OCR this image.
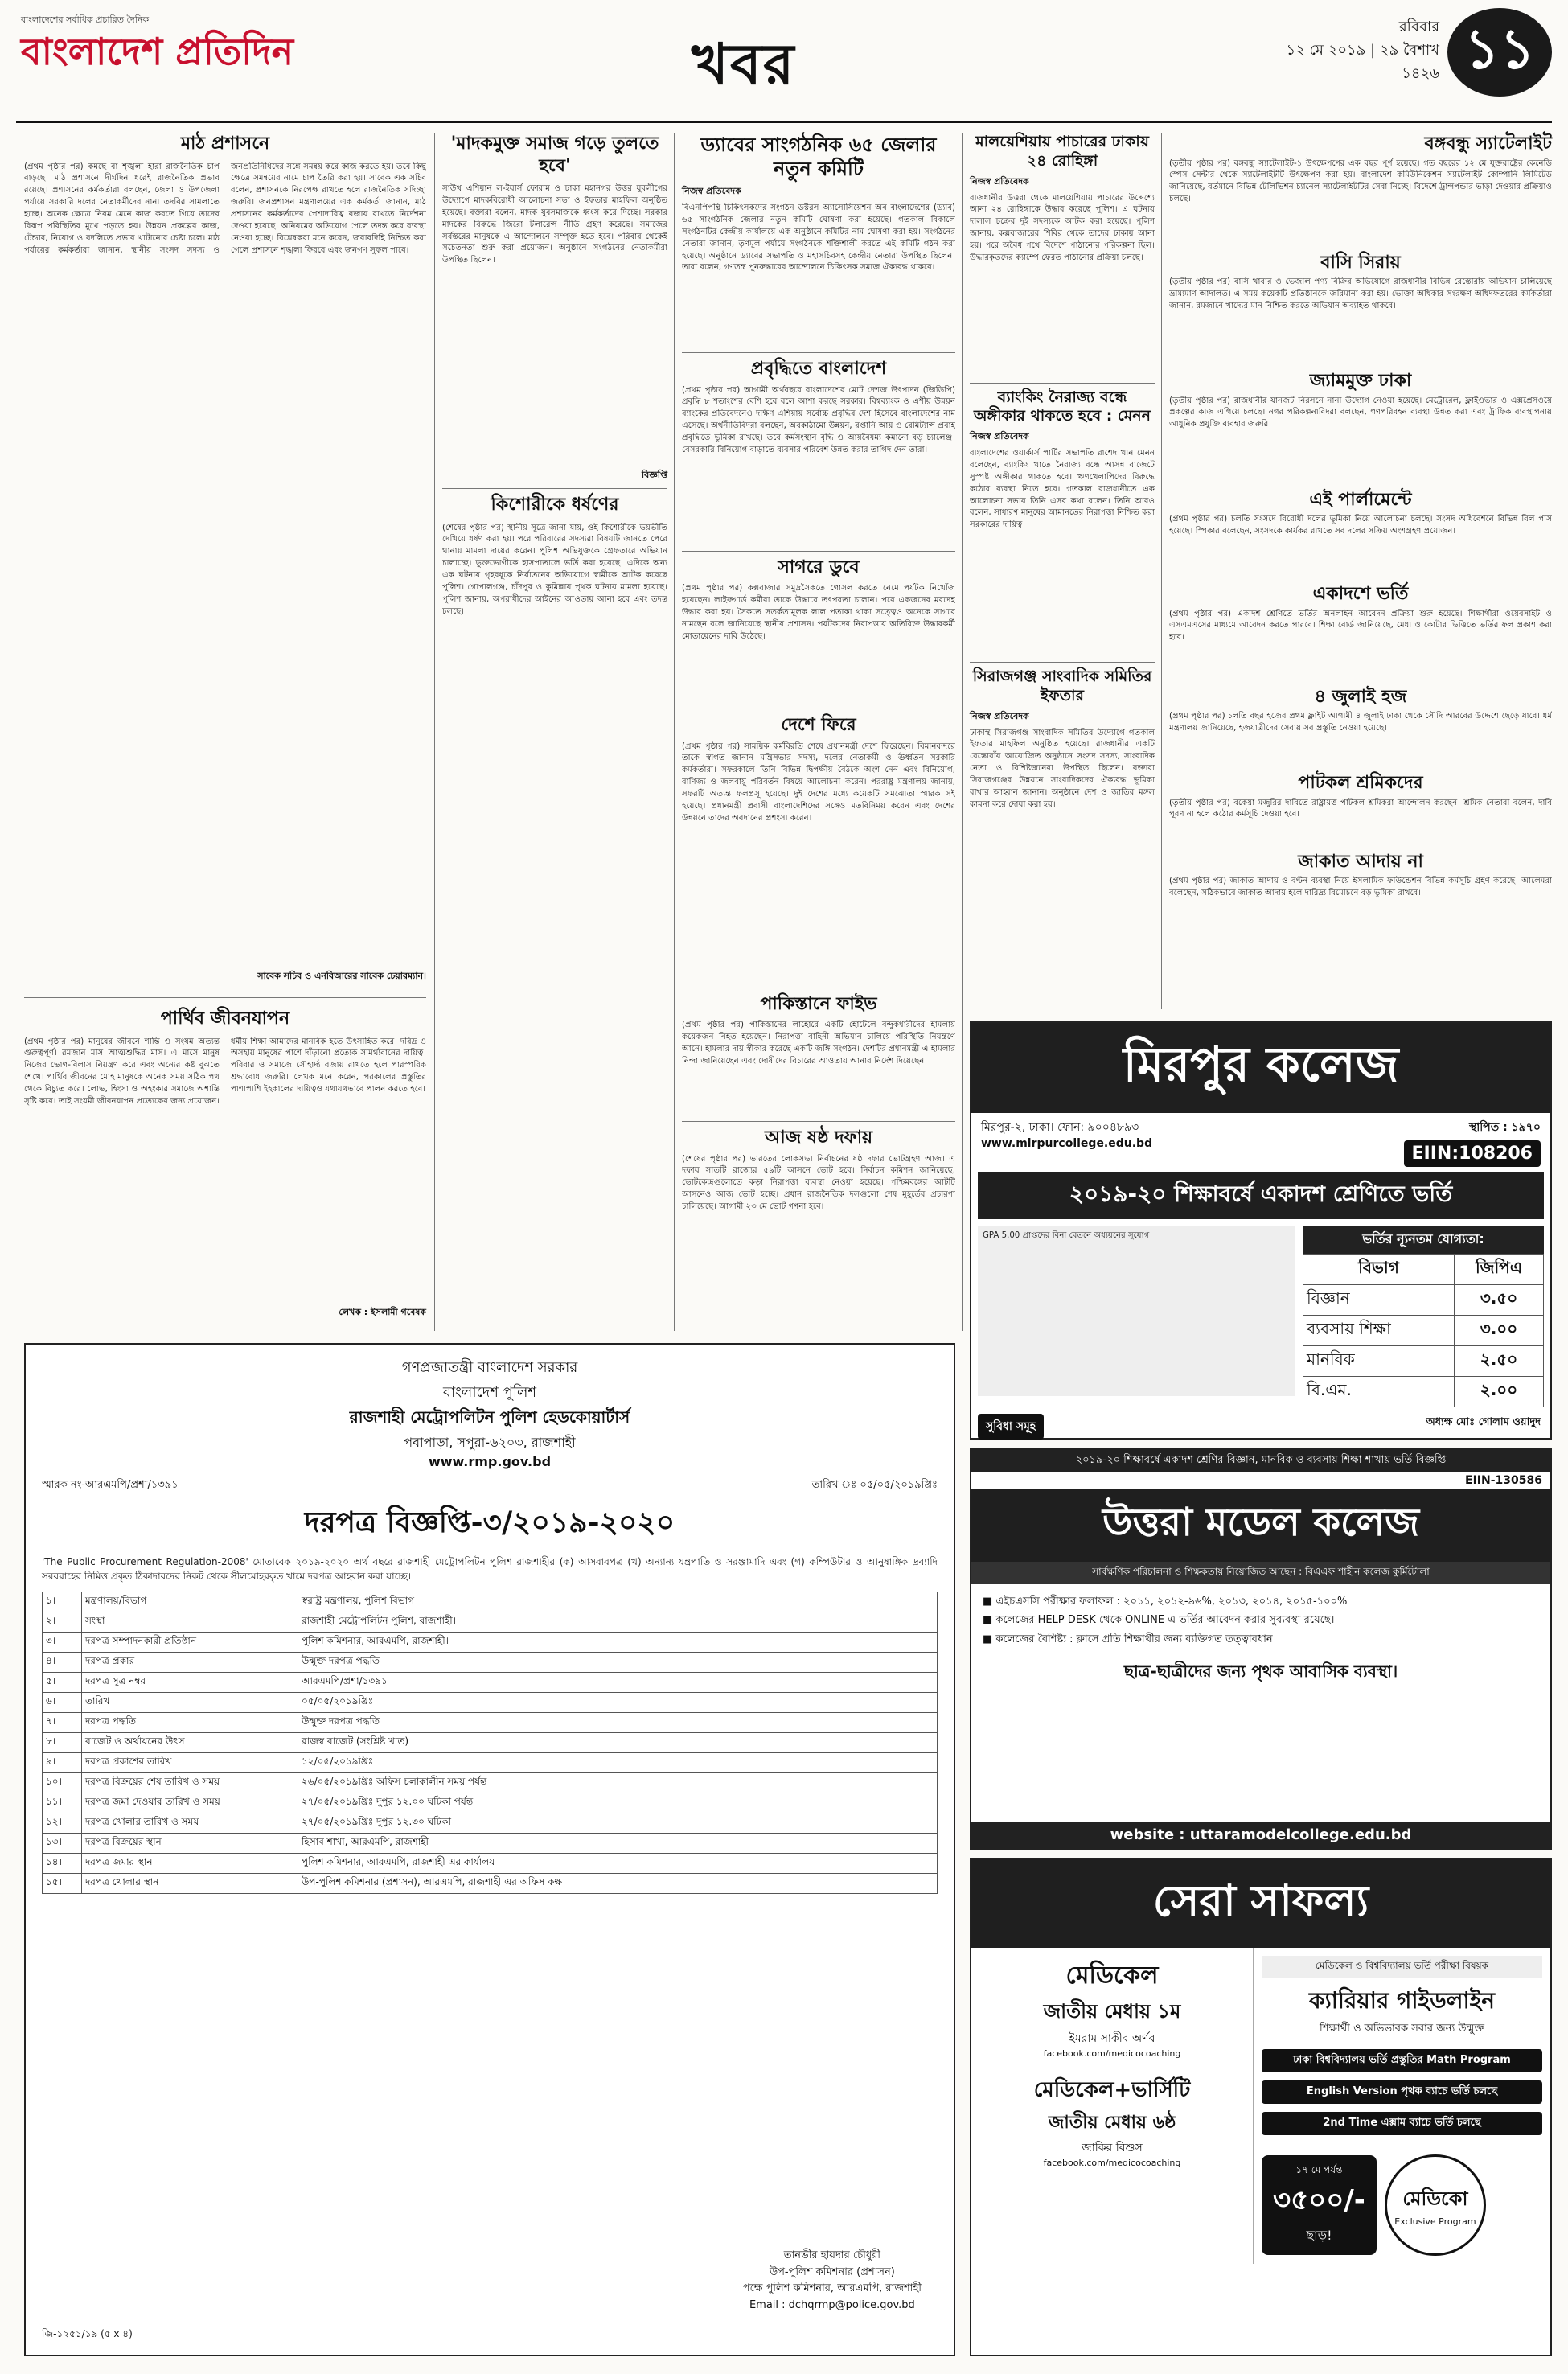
বাংলাদেশের সর্বাধিক প্রচারিত দৈনিক
বাংলাদেশ প্রতিদিন	খবর
রবিবার
১২ মে ২০১৯ | ২৯ বৈশাখ ১৪২৬ ১১
মাঠ প্রশাসনে
(প্রথম পৃষ্ঠার পর) কমছে বা শৃঙ্খলা হারা রাজনৈতিক চাপ বাড়ছে। মাঠ প্রশাসনে দীর্ঘদিন ধরেই রাজনৈতিক প্রভাব রয়েছে। প্রশাসনের কর্মকর্তারা বলছেন, জেলা ও উপজেলা পর্যায়ে সরকারি দলের নেতাকর্মীদের নানা তদবির সামলাতে হচ্ছে। অনেক ক্ষেত্রে নিয়ম মেনে কাজ করতে গিয়ে তাদের বিরূপ পরিস্থিতির মুখে পড়তে হয়। উন্নয়ন প্রকল্পের কাজ, টেন্ডার, নিয়োগ ও বদলিতে প্রভাব খাটানোর চেষ্টা চলে। মাঠ পর্যায়ের কর্মকর্তারা জানান, স্থানীয় সংসদ সদস্য ও জনপ্রতিনিধিদের সঙ্গে সমন্বয় করে কাজ করতে হয়। তবে কিছু ক্ষেত্রে সমন্বয়ের নামে চাপ তৈরি করা হয়। সাবেক এক সচিব বলেন, প্রশাসনকে নিরপেক্ষ রাখতে হলে রাজনৈতিক সদিচ্ছা জরুরি। জনপ্রশাসন মন্ত্রণালয়ের এক কর্মকর্তা জানান, মাঠ প্রশাসনের কর্মকর্তাদের পেশাদারিত্ব বজায় রাখতে নির্দেশনা দেওয়া হয়েছে। অনিয়মের অভিযোগ পেলে তদন্ত করে ব্যবস্থা নেওয়া হচ্ছে। বিশ্লেষকরা মনে করেন, জবাবদিহি নিশ্চিত করা গেলে প্রশাসনে শৃঙ্খলা ফিরবে এবং জনগণ সুফল পাবে।
সাবেক সচিব ও এনবিআরের সাবেক চেয়ারম্যান।
পার্থিব জীবনযাপন
(প্রথম পৃষ্ঠার পর) মানুষের জীবনে শান্তি ও সংযম অত্যন্ত গুরুত্বপূর্ণ। রমজান মাস আত্মশুদ্ধির মাস। এ মাসে মানুষ নিজের ভোগ-বিলাস নিয়ন্ত্রণ করে এবং অন্যের কষ্ট বুঝতে শেখে। পার্থিব জীবনের মোহ মানুষকে অনেক সময় সঠিক পথ থেকে বিচ্যুত করে। লোভ, হিংসা ও অহংকার সমাজে অশান্তি সৃষ্টি করে। তাই সংযমী জীবনযাপন প্রত্যেকের জন্য প্রয়োজন। ধর্মীয় শিক্ষা আমাদের মানবিক হতে উৎসাহিত করে। দরিদ্র ও অসহায় মানুষের পাশে দাঁড়ানো প্রত্যেক সামর্থ্যবানের দায়িত্ব। পরিবার ও সমাজে সৌহার্দ্য বজায় রাখতে হলে পারস্পরিক শ্রদ্ধাবোধ জরুরি। লেখক মনে করেন, পরকালের প্রস্তুতির পাশাপাশি ইহকালের দায়িত্বও যথাযথভাবে পালন করতে হবে।
লেখক : ইসলামী গবেষক
'মাদকমুক্ত সমাজ গড়ে তুলতে হবে'
সাউথ এশিয়ান ল-ইয়ার্স ফোরাম ও ঢাকা মহানগর উত্তর যুবলীগের উদ্যোগে মাদকবিরোধী আলোচনা সভা ও ইফতার মাহফিল অনুষ্ঠিত হয়েছে। বক্তারা বলেন, মাদক যুবসমাজকে ধ্বংস করে দিচ্ছে। সরকার মাদকের বিরুদ্ধে জিরো টলারেন্স নীতি গ্রহণ করেছে। সমাজের সর্বস্তরের মানুষকে এ আন্দোলনে সম্পৃক্ত হতে হবে। পরিবার থেকেই সচেতনতা শুরু করা প্রয়োজন। অনুষ্ঠানে সংগঠনের নেতাকর্মীরা উপস্থিত ছিলেন।
বিজ্ঞপ্তি
কিশোরীকে ধর্ষণের
(শেষের পৃষ্ঠার পর) স্থানীয় সূত্রে জানা যায়, ওই কিশোরীকে ভয়ভীতি দেখিয়ে ধর্ষণ করা হয়। পরে পরিবারের সদস্যরা বিষয়টি জানতে পেরে থানায় মামলা দায়ের করেন। পুলিশ অভিযুক্তকে গ্রেফতারে অভিযান চালাচ্ছে। ভুক্তভোগীকে হাসপাতালে ভর্তি করা হয়েছে। এদিকে অন্য এক ঘটনায় গৃহবধূকে নির্যাতনের অভিযোগে স্বামীকে আটক করেছে পুলিশ। গোপালগঞ্জ, চাঁদপুর ও কুমিল্লায় পৃথক ঘটনায় মামলা হয়েছে। পুলিশ জানায়, অপরাধীদের আইনের আওতায় আনা হবে এবং তদন্ত চলছে।
ড্যাবের সাংগঠনিক ৬৫ জেলার নতুন কমিটি
নিজস্ব প্রতিবেদক
বিএনপিপন্থি চিকিৎসকদের সংগঠন ডক্টরস অ্যাসোসিয়েশন অব বাংলাদেশের (ড্যাব) ৬৫ সাংগঠনিক জেলার নতুন কমিটি ঘোষণা করা হয়েছে। গতকাল বিকালে সংগঠনটির কেন্দ্রীয় কার্যালয়ে এক অনুষ্ঠানে কমিটির নাম ঘোষণা করা হয়। সংগঠনের নেতারা জানান, তৃণমূল পর্যায়ে সংগঠনকে শক্তিশালী করতে এই কমিটি গঠন করা হয়েছে। অনুষ্ঠানে ড্যাবের সভাপতি ও মহাসচিবসহ কেন্দ্রীয় নেতারা উপস্থিত ছিলেন। তারা বলেন, গণতন্ত্র পুনরুদ্ধারের আন্দোলনে চিকিৎসক সমাজ ঐক্যবদ্ধ থাকবে।
প্রবৃদ্ধিতে বাংলাদেশ
(প্রথম পৃষ্ঠার পর) আগামী অর্থবছরে বাংলাদেশের মোট দেশজ উৎপাদন (জিডিপি) প্রবৃদ্ধি ৮ শতাংশের বেশি হবে বলে আশা করছে সরকার। বিশ্বব্যাংক ও এশীয় উন্নয়ন ব্যাংকের প্রতিবেদনেও দক্ষিণ এশিয়ায় সর্বোচ্চ প্রবৃদ্ধির দেশ হিসেবে বাংলাদেশের নাম এসেছে। অর্থনীতিবিদরা বলছেন, অবকাঠামো উন্নয়ন, রপ্তানি আয় ও রেমিট্যান্স প্রবাহ প্রবৃদ্ধিতে ভূমিকা রাখছে। তবে কর্মসংস্থান বৃদ্ধি ও আয়বৈষম্য কমানো বড় চ্যালেঞ্জ। বেসরকারি বিনিয়োগ বাড়াতে ব্যবসার পরিবেশ উন্নত করার তাগিদ দেন তারা।
সাগরে ডুবে
(প্রথম পৃষ্ঠার পর) কক্সবাজার সমুদ্রসৈকতে গোসল করতে নেমে পর্যটক নিখোঁজ হয়েছেন। লাইফগার্ড কর্মীরা তাকে উদ্ধারে তৎপরতা চালান। পরে একজনের মরদেহ উদ্ধার করা হয়। সৈকতে সতর্কতামূলক লাল পতাকা থাকা সত্ত্বেও অনেকে সাগরে নামছেন বলে জানিয়েছে স্থানীয় প্রশাসন। পর্যটকদের নিরাপত্তায় অতিরিক্ত উদ্ধারকর্মী মোতায়েনের দাবি উঠেছে।
দেশে ফিরে
(প্রথম পৃষ্ঠার পর) সাময়িক কর্মবিরতি শেষে প্রধানমন্ত্রী দেশে ফিরেছেন। বিমানবন্দরে তাকে স্বাগত জানান মন্ত্রিসভার সদস্য, দলের নেতাকর্মী ও ঊর্ধ্বতন সরকারি কর্মকর্তারা। সফরকালে তিনি বিভিন্ন দ্বিপক্ষীয় বৈঠকে অংশ নেন এবং বিনিয়োগ, বাণিজ্য ও জলবায়ু পরিবর্তন বিষয়ে আলোচনা করেন। পররাষ্ট্র মন্ত্রণালয় জানায়, সফরটি অত্যন্ত ফলপ্রসূ হয়েছে। দুই দেশের মধ্যে কয়েকটি সমঝোতা স্মারক সই হয়েছে। প্রধানমন্ত্রী প্রবাসী বাংলাদেশিদের সঙ্গেও মতবিনিময় করেন এবং দেশের উন্নয়নে তাদের অবদানের প্রশংসা করেন।
পাকিস্তানে ফাইভ
(প্রথম পৃষ্ঠার পর) পাকিস্তানের লাহোরে একটি হোটেলে বন্দুকধারীদের হামলায় কয়েকজন নিহত হয়েছেন। নিরাপত্তা বাহিনী অভিযান চালিয়ে পরিস্থিতি নিয়ন্ত্রণে আনে। হামলার দায় স্বীকার করেছে একটি জঙ্গি সংগঠন। দেশটির প্রধানমন্ত্রী এ হামলার নিন্দা জানিয়েছেন এবং দোষীদের বিচারের আওতায় আনার নির্দেশ দিয়েছেন।
আজ ষষ্ঠ দফায়
(শেষের পৃষ্ঠার পর) ভারতের লোকসভা নির্বাচনের ষষ্ঠ দফার ভোটগ্রহণ আজ। এ দফায় সাতটি রাজ্যের ৫৯টি আসনে ভোট হবে। নির্বাচন কমিশন জানিয়েছে, ভোটকেন্দ্রগুলোতে কড়া নিরাপত্তা ব্যবস্থা নেওয়া হয়েছে। পশ্চিমবঙ্গের আটটি আসনেও আজ ভোট হচ্ছে। প্রধান রাজনৈতিক দলগুলো শেষ মুহূর্তের প্রচারণা চালিয়েছে। আগামী ২৩ মে ভোট গণনা হবে।
মালয়েশিয়ায় পাচারের ঢাকায় ২৪ রোহিঙ্গা
নিজস্ব প্রতিবেদক
রাজধানীর উত্তরা থেকে মালয়েশিয়ায় পাচারের উদ্দেশ্যে আনা ২৪ রোহিঙ্গাকে উদ্ধার করেছে পুলিশ। এ ঘটনায় দালাল চক্রের দুই সদস্যকে আটক করা হয়েছে। পুলিশ জানায়, কক্সবাজারের শিবির থেকে তাদের ঢাকায় আনা হয়। পরে অবৈধ পথে বিদেশে পাঠানোর পরিকল্পনা ছিল। উদ্ধারকৃতদের ক্যাম্পে ফেরত পাঠানোর প্রক্রিয়া চলছে।
ব্যাংকিং নৈরাজ্য বন্ধে অঙ্গীকার থাকতে হবে : মেনন
নিজস্ব প্রতিবেদক
বাংলাদেশের ওয়ার্কার্স পার্টির সভাপতি রাশেদ খান মেনন বলেছেন, ব্যাংকিং খাতে নৈরাজ্য বন্ধে আসন্ন বাজেটে সুস্পষ্ট অঙ্গীকার থাকতে হবে। ঋণখেলাপিদের বিরুদ্ধে কঠোর ব্যবস্থা নিতে হবে। গতকাল রাজধানীতে এক আলোচনা সভায় তিনি এসব কথা বলেন। তিনি আরও বলেন, সাধারণ মানুষের আমানতের নিরাপত্তা নিশ্চিত করা সরকারের দায়িত্ব।
সিরাজগঞ্জ সাংবাদিক সমিতির ইফতার
নিজস্ব প্রতিবেদক
ঢাকাস্থ সিরাজগঞ্জ সাংবাদিক সমিতির উদ্যোগে গতকাল ইফতার মাহফিল অনুষ্ঠিত হয়েছে। রাজধানীর একটি রেস্তোরাঁয় আয়োজিত অনুষ্ঠানে সংসদ সদস্য, সাংবাদিক নেতা ও বিশিষ্টজনেরা উপস্থিত ছিলেন। বক্তারা সিরাজগঞ্জের উন্নয়নে সাংবাদিকদের ঐক্যবদ্ধ ভূমিকা রাখার আহ্বান জানান। অনুষ্ঠানে দেশ ও জাতির মঙ্গল কামনা করে দোয়া করা হয়।
বঙ্গবন্ধু স্যাটেলাইট
(তৃতীয় পৃষ্ঠার পর) বঙ্গবন্ধু স্যাটেলাইট-১ উৎক্ষেপণের এক বছর পূর্ণ হয়েছে। গত বছরের ১২ মে যুক্তরাষ্ট্রের কেনেডি স্পেস সেন্টার থেকে স্যাটেলাইটটি উৎক্ষেপণ করা হয়। বাংলাদেশ কমিউনিকেশন স্যাটেলাইট কোম্পানি লিমিটেড জানিয়েছে, বর্তমানে বিভিন্ন টেলিভিশন চ্যানেল স্যাটেলাইটটির সেবা নিচ্ছে। বিদেশে ট্রান্সপন্ডার ভাড়া দেওয়ার প্রক্রিয়াও চলছে।
বাসি সিরায়
(তৃতীয় পৃষ্ঠার পর) বাসি খাবার ও ভেজাল পণ্য বিক্রির অভিযোগে রাজধানীর বিভিন্ন রেস্তোরাঁয় অভিযান চালিয়েছে ভ্রাম্যমাণ আদালত। এ সময় কয়েকটি প্রতিষ্ঠানকে জরিমানা করা হয়। ভোক্তা অধিকার সংরক্ষণ অধিদফতরের কর্মকর্তারা জানান, রমজানে খাদ্যের মান নিশ্চিত করতে অভিযান অব্যাহত থাকবে।
জ্যামমুক্ত ঢাকা
(তৃতীয় পৃষ্ঠার পর) রাজধানীর যানজট নিরসনে নানা উদ্যোগ নেওয়া হয়েছে। মেট্রোরেল, ফ্লাইওভার ও এক্সপ্রেসওয়ে প্রকল্পের কাজ এগিয়ে চলছে। নগর পরিকল্পনাবিদরা বলছেন, গণপরিবহন ব্যবস্থা উন্নত করা এবং ট্রাফিক ব্যবস্থাপনায় আধুনিক প্রযুক্তি ব্যবহার জরুরি।
এই পার্লামেন্টে
(প্রথম পৃষ্ঠার পর) চলতি সংসদে বিরোধী দলের ভূমিকা নিয়ে আলোচনা চলছে। সংসদ অধিবেশনে বিভিন্ন বিল পাস হয়েছে। স্পিকার বলেছেন, সংসদকে কার্যকর রাখতে সব দলের সক্রিয় অংশগ্রহণ প্রয়োজন।
একাদশে ভর্তি
(প্রথম পৃষ্ঠার পর) একাদশ শ্রেণিতে ভর্তির অনলাইন আবেদন প্রক্রিয়া শুরু হয়েছে। শিক্ষার্থীরা ওয়েবসাইট ও এসএমএসের মাধ্যমে আবেদন করতে পারবে। শিক্ষা বোর্ড জানিয়েছে, মেধা ও কোটার ভিত্তিতে ভর্তির ফল প্রকাশ করা হবে।
৪ জুলাই হজ
(প্রথম পৃষ্ঠার পর) চলতি বছর হজের প্রথম ফ্লাইট আগামী ৪ জুলাই ঢাকা থেকে সৌদি আরবের উদ্দেশে ছেড়ে যাবে। ধর্ম মন্ত্রণালয় জানিয়েছে, হজযাত্রীদের সেবায় সব প্রস্তুতি নেওয়া হয়েছে।
পাটকল শ্রমিকদের
(তৃতীয় পৃষ্ঠার পর) বকেয়া মজুরির দাবিতে রাষ্ট্রায়ত্ত পাটকল শ্রমিকরা আন্দোলন করছেন। শ্রমিক নেতারা বলেন, দাবি পূরণ না হলে কঠোর কর্মসূচি দেওয়া হবে।
জাকাত আদায় না
(প্রথম পৃষ্ঠার পর) জাকাত আদায় ও বণ্টন ব্যবস্থা নিয়ে ইসলামিক ফাউন্ডেশন বিভিন্ন কর্মসূচি গ্রহণ করেছে। আলেমরা বলেছেন, সঠিকভাবে জাকাত আদায় হলে দারিদ্র্য বিমোচনে বড় ভূমিকা রাখবে।
মিরপুর কলেজ
মিরপুর-২, ঢাকা। ফোন: ৯০০৪৮৯৩
www.mirpurcollege.edu.bd
স্থাপিত : ১৯৭০
EIIN:108206
২০১৯-২০ শিক্ষাবর্ষে একাদশ শ্রেণিতে ভর্তি
GPA 5.00 প্রাপ্তদের বিনা বেতনে অধ্যয়নের সুযোগ।	ভর্তির ন্যূনতম যোগ্যতা:
বিভাগ	জিপিএ
বিজ্ঞান	৩.৫০
ব্যবসায় শিক্ষা	৩.০০
মানবিক	২.৫০
বি.এম.	২.০০
সুবিধা সমূহ	অধ্যক্ষ মোঃ গোলাম ওয়াদুদ
২০১৯-২০ শিক্ষাবর্ষে একাদশ শ্রেণির বিজ্ঞান, মানবিক ও ব্যবসায় শিক্ষা শাখায় ভর্তি বিজ্ঞপ্তি
EIIN-130586
উত্তরা মডেল কলেজ
সার্বক্ষণিক পরিচালনা ও শিক্ষকতায় নিয়োজিত আছেন : বিএএফ শাহীন কলেজ কুর্মিটোলা
■ এইচএসসি পরীক্ষার ফলাফল : ২০১১, ২০১২-৯৬%, ২০১৩, ২০১৪, ২০১৫-১০০%
■ কলেজের HELP DESK থেকে ONLINE এ ভর্তির আবেদন করার সুব্যবস্থা রয়েছে।
■ কলেজের বৈশিষ্ট্য : ক্লাসে প্রতি শিক্ষার্থীর জন্য ব্যক্তিগত তত্ত্বাবধান
ছাত্র-ছাত্রীদের জন্য পৃথক আবাসিক ব্যবস্থা।
website : uttaramodelcollege.edu.bd
গণপ্রজাতন্ত্রী বাংলাদেশ সরকার
বাংলাদেশ পুলিশ
রাজশাহী মেট্রোপলিটন পুলিশ হেডকোয়ার্টার্স
পবাপাড়া, সপুরা-৬২০৩, রাজশাহী
www.rmp.gov.bd
স্মারক নং-আরএমপি/প্রশা/১৩৯১	তারিখ ঃ ০৫/০৫/২০১৯খ্রিঃ
দরপত্র বিজ্ঞপ্তি-৩/২০১৯-২০২০
'The Public Procurement Regulation-2008' মোতাবেক ২০১৯-২০২০ অর্থ বছরে রাজশাহী মেট্রোপলিটন পুলিশ রাজশাহীর (ক) আসবাবপত্র (খ) অন্যান্য যন্ত্রপাতি ও সরঞ্জামাদি এবং (গ) কম্পিউটার ও আনুষাঙ্গিক দ্রব্যাদি সরবরাহের নিমিত্ত প্রকৃত ঠিকাদারদের নিকট থেকে সীলমোহরকৃত খামে দরপত্র আহবান করা যাচ্ছে।
১।	মন্ত্রণালয়/বিভাগ	স্বরাষ্ট্র মন্ত্রণালয়, পুলিশ বিভাগ
২।	সংস্থা	রাজশাহী মেট্রোপলিটন পুলিশ, রাজশাহী।
৩।	দরপত্র সম্পাদনকারী প্রতিষ্ঠান	পুলিশ কমিশনার, আরএমপি, রাজশাহী।
৪।	দরপত্র প্রকার	উন্মুক্ত দরপত্র পদ্ধতি
৫।	দরপত্র সূত্র নম্বর	আরএমপি/প্রশা/১৩৯১
৬।	তারিখ	০৫/০৫/২০১৯খ্রিঃ
৭।	দরপত্র পদ্ধতি	উন্মুক্ত দরপত্র পদ্ধতি
৮।	বাজেট ও অর্থায়নের উৎস	রাজস্ব বাজেট (সংশ্লিষ্ট খাত)
৯।	দরপত্র প্রকাশের তারিখ	১২/০৫/২০১৯খ্রিঃ
১০।	দরপত্র বিক্রয়ের শেষ তারিখ ও সময়	২৬/০৫/২০১৯খ্রিঃ অফিস চলাকালীন সময় পর্যন্ত
১১।	দরপত্র জমা দেওয়ার তারিখ ও সময়	২৭/০৫/২০১৯খ্রিঃ দুপুর ১২.০০ ঘটিকা পর্যন্ত
১২।	দরপত্র খোলার তারিখ ও সময়	২৭/০৫/২০১৯খ্রিঃ দুপুর ১২.৩০ ঘটিকা
১৩।	দরপত্র বিক্রয়ের স্থান	হিসাব শাখা, আরএমপি, রাজশাহী
১৪।	দরপত্র জমার স্থান	পুলিশ কমিশনার, আরএমপি, রাজশাহী এর কার্যালয়
১৫।	দরপত্র খোলার স্থান	উপ-পুলিশ কমিশনার (প্রশাসন), আরএমপি, রাজশাহী এর অফিস কক্ষ
তানভীর হায়দার চৌধুরী
উপ-পুলিশ কমিশনার (প্রশাসন)
পক্ষে পুলিশ কমিশনার, আরএমপি, রাজশাহী
Email : dchqrmp@police.gov.bd
জি-১২৫১/১৯ (৫ x ৪)
সেরা সাফল্য
মেডিকেল
জাতীয় মেধায় ১ম
ইমরাম সাকীব অর্ণব
facebook.com/medicocoaching
মেডিকেল+ভার্সিটি
জাতীয় মেধায় ৬ষ্ঠ
জাকির বিশুস
facebook.com/medicocoaching
মেডিকেল ও বিশ্ববিদ্যালয় ভর্তি পরীক্ষা বিষয়ক
ক্যারিয়ার গাইডলাইন
শিক্ষার্থী ও অভিভাবক সবার জন্য উন্মুক্ত
ঢাকা বিশ্ববিদ্যালয় ভর্তি প্রস্তুতির Math Program
English Version পৃথক ব্যাচে ভর্তি চলছে
2nd Time এক্সাম ব্যাচে ভর্তি চলছে
১৭ মে পর্যন্ত
৩৫০০/-
ছাড়!
মেডিকো
Exclusive Program
